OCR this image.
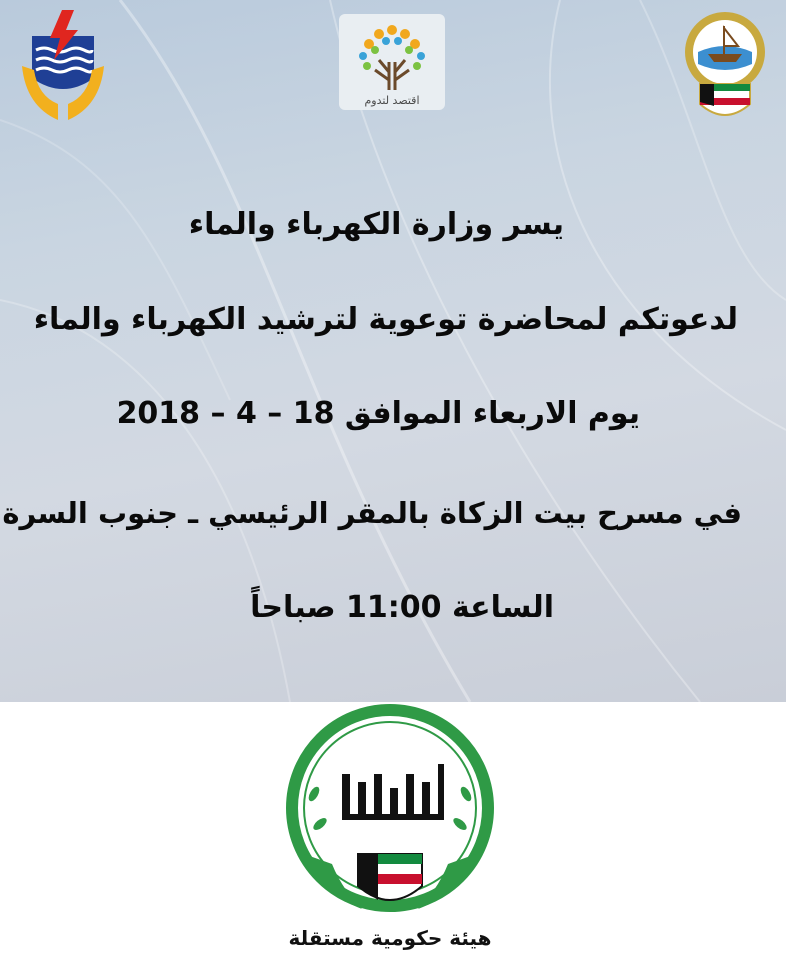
اقتصد لتدوم
يسر وزارة الكهرباء والماء
لدعوتكم لمحاضرة توعوية لترشيد الكهرباء والماء
يوم الاربعاء الموافق 18 – 4 – 2018
في مسرح بيت الزكاة بالمقر الرئيسي ـ جنوب السرة
الساعة 11:00 صباحاً
هيئة حكومية مستقلة
